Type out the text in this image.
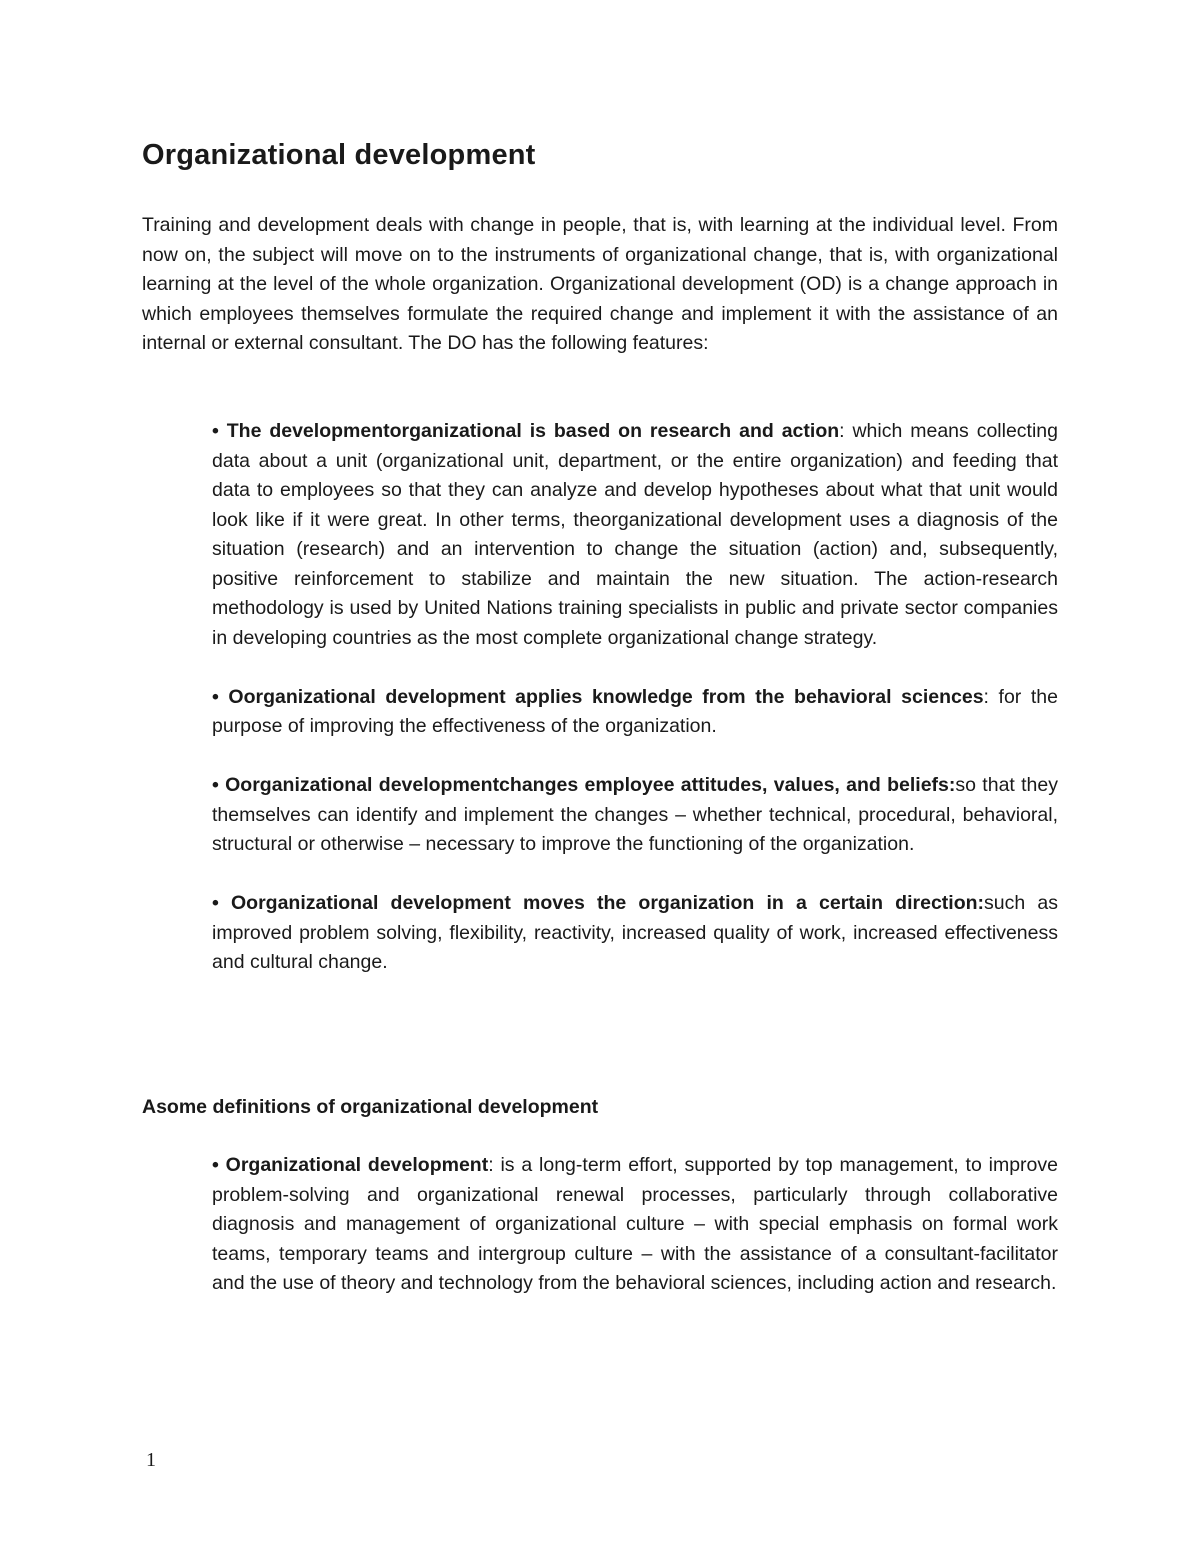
Organizational development

Training and development deals with change in people, that is, with learning at the individual level. From now on, the subject will move on to the instruments of organizational change, that is, with organizational learning at the level of the whole organization. Organizational development (OD) is a change approach in which employees themselves formulate the required change and implement it with the assistance of an internal or external consultant. The DO has the following features:

• The developmentorganizational is based on research and action: which means collecting data about a unit (organizational unit, department, or the entire organization) and feeding that data to employees so that they can analyze and develop hypotheses about what that unit would look like if it were great. In other terms, theorganizational development uses a diagnosis of the situation (research) and an intervention to change the situation (action) and, subsequently, positive reinforcement to stabilize and maintain the new situation. The action-research methodology is used by United Nations training specialists in public and private sector companies in developing countries as the most complete organizational change strategy.

• Oorganizational development applies knowledge from the behavioral sciences: for the purpose of improving the effectiveness of the organization.

• Oorganizational developmentchanges employee attitudes, values, and beliefs:so that they themselves can identify and implement the changes – whether technical, procedural, behavioral, structural or otherwise – necessary to improve the functioning of the organization.

• Oorganizational development moves the organization in a certain direction:such as improved problem solving, flexibility, reactivity, increased quality of work, increased effectiveness and cultural change.

Asome definitions of organizational development

• Organizational development: is a long-term effort, supported by top management, to improve problem-solving and organizational renewal processes, particularly through collaborative diagnosis and management of organizational culture – with special emphasis on formal work teams, temporary teams and intergroup culture – with the assistance of a consultant-facilitator and the use of theory and technology from the behavioral sciences, including action and research.

1
